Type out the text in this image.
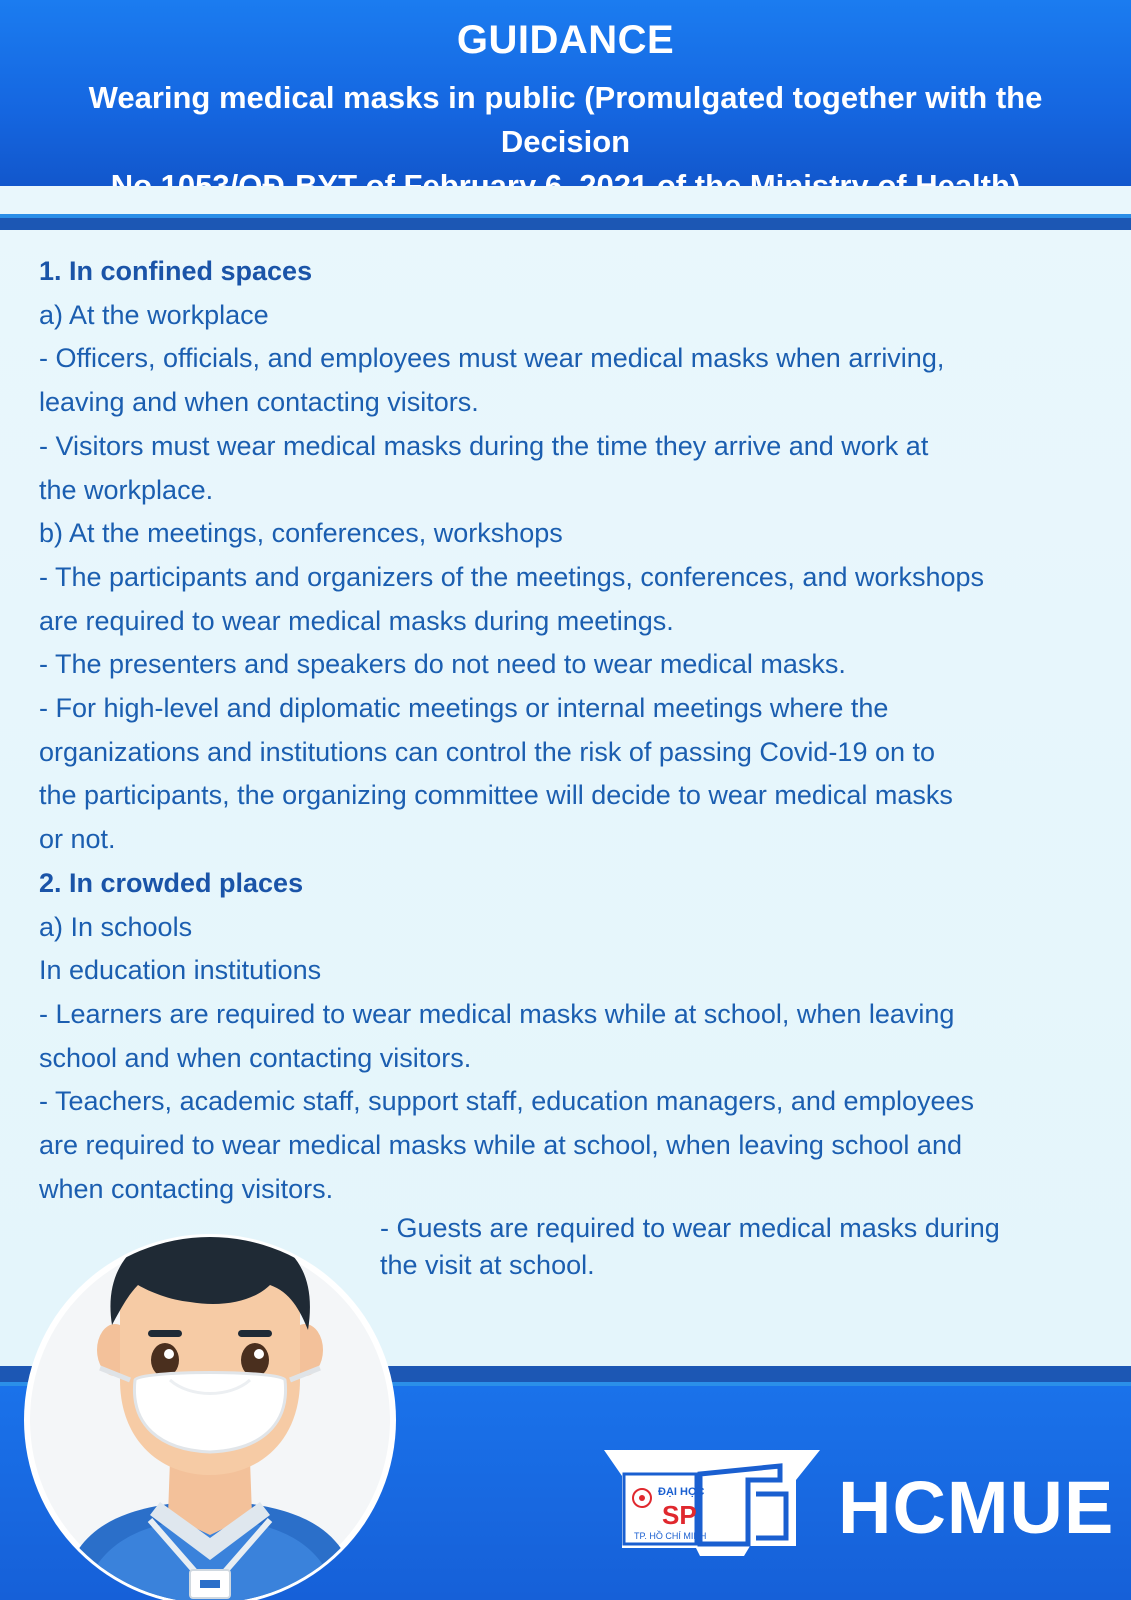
GUIDANCE
Wearing medical masks in public (Promulgated together with the Decision
1. In confined spaces
a) At the workplace
- Officers, officials, and employees must wear medical masks when arriving,
leaving and when contacting visitors.
- Visitors must wear medical masks during the time they arrive and work at
the workplace.
b) At the meetings, conferences, workshops
- The participants and organizers of the meetings, conferences, and workshops
are required to wear medical masks during meetings.
- The presenters and speakers do not need to wear medical masks.
- For high-level and diplomatic meetings or internal meetings where the
organizations and institutions can control the risk of passing Covid-19 on to
the participants, the organizing committee will decide to wear medical masks
or not.
2. In crowded places
a) In schools
In education institutions
- Learners are required to wear medical masks while at school, when leaving
school and when contacting visitors.
- Teachers, academic staff, support staff, education managers, and employees
are required to wear medical masks while at school, when leaving school and
when contacting visitors.
- Guests are required to wear medical masks during
the visit at school.
ĐẠI HỌC
SP
TP. HỒ CHÍ MINH HCMUE
